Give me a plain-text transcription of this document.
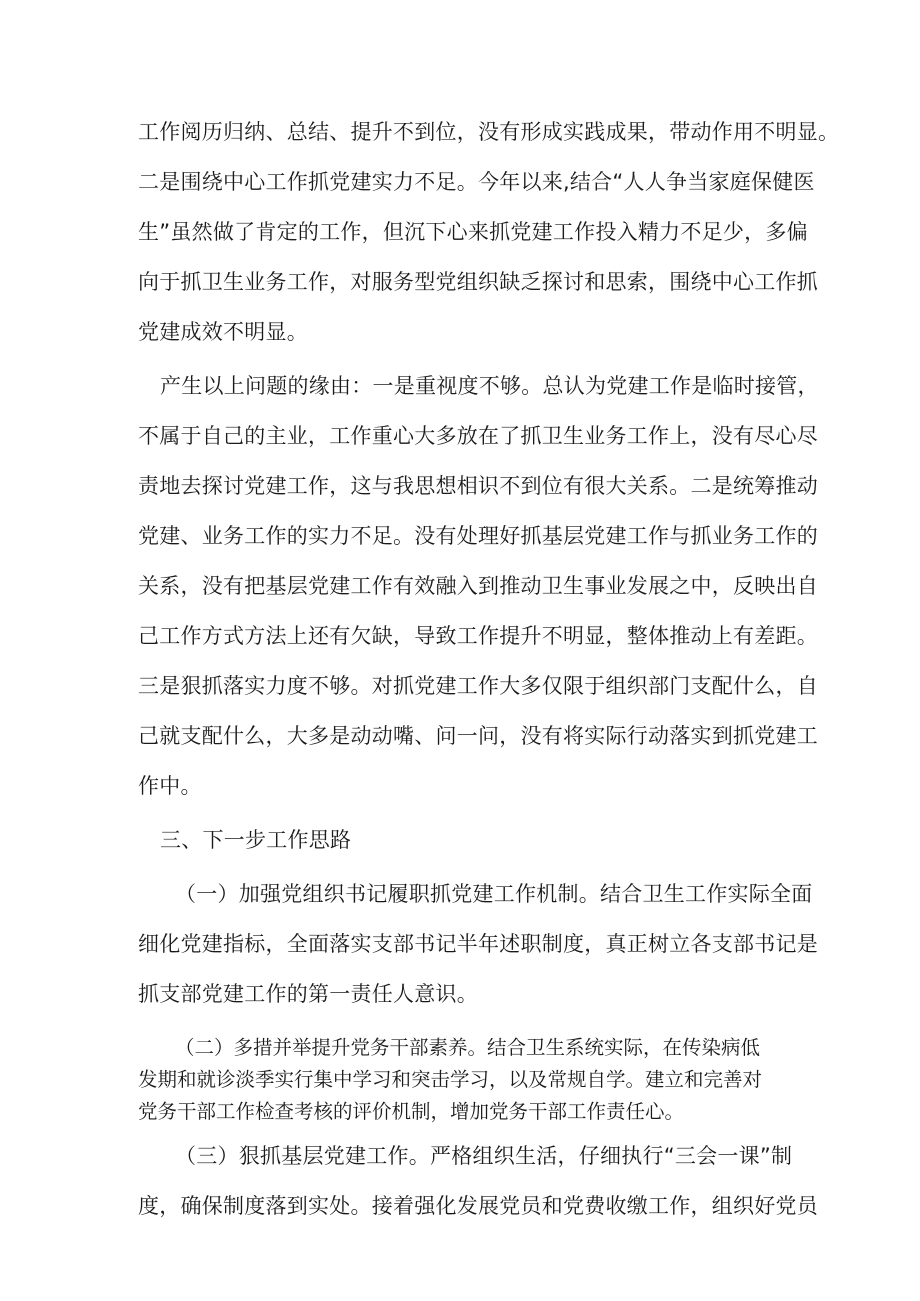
工作阅历归纳、总结、提升不到位，没有形成实践成果，带动作用不明显。

二是围绕中心工作抓党建实力不足。今年以来,结合“人人争当家庭保健医

生”虽然做了肯定的工作，但沉下心来抓党建工作投入精力不足少，多偏

向于抓卫生业务工作，对服务型党组织缺乏探讨和思索，围绕中心工作抓

党建成效不明显。

产生以上问题的缘由：一是重视度不够。总认为党建工作是临时接管，

不属于自己的主业，工作重心大多放在了抓卫生业务工作上，没有尽心尽

责地去探讨党建工作，这与我思想相识不到位有很大关系。二是统筹推动

党建、业务工作的实力不足。没有处理好抓基层党建工作与抓业务工作的

关系，没有把基层党建工作有效融入到推动卫生事业发展之中，反映出自

己工作方式方法上还有欠缺，导致工作提升不明显，整体推动上有差距。

三是狠抓落实力度不够。对抓党建工作大多仅限于组织部门支配什么，自

己就支配什么，大多是动动嘴、问一问，没有将实际行动落实到抓党建工

作中。

三、下一步工作思路

（一）加强党组织书记履职抓党建工作机制。结合卫生工作实际全面

细化党建指标，全面落实支部书记半年述职制度，真正树立各支部书记是

抓支部党建工作的第一责任人意识。

（二）多措并举提升党务干部素养。结合卫生系统实际，在传染病低

发期和就诊淡季实行集中学习和突击学习，以及常规自学。建立和完善对

党务干部工作检查考核的评价机制，增加党务干部工作责任心。

（三）狠抓基层党建工作。严格组织生活，仔细执行“三会一课”制

度，确保制度落到实处。接着强化发展党员和党费收缴工作，组织好党员
